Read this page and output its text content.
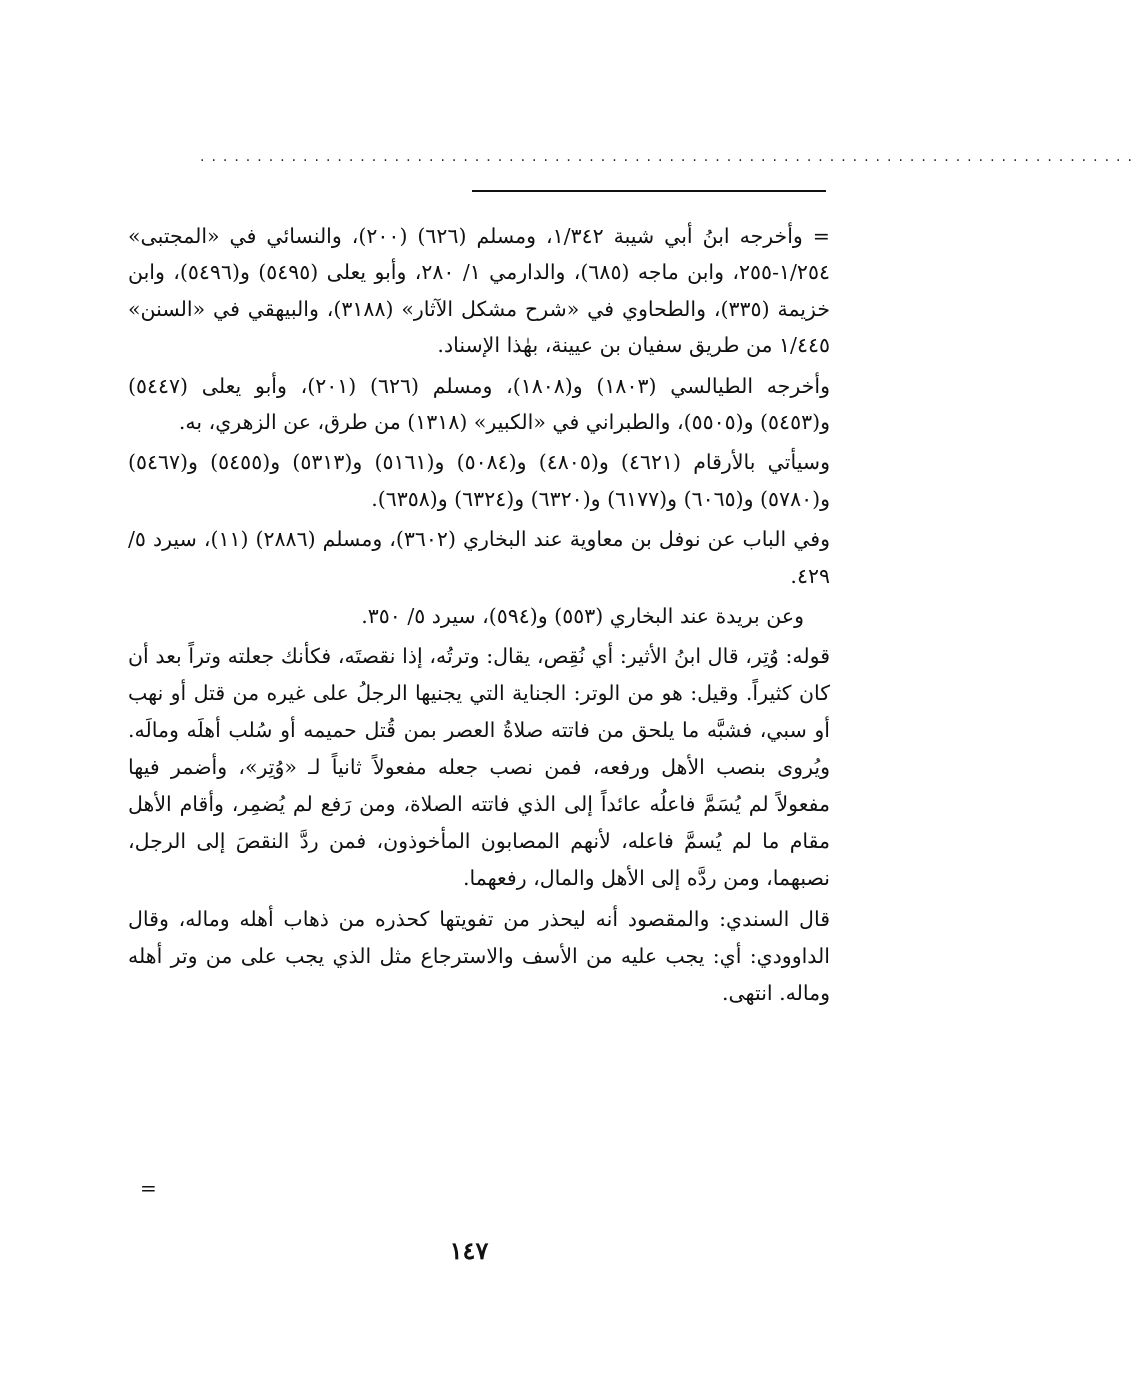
..................................................................................

= وأخرجه ابنُ أبي شيبة ١/٣٤٢، ومسلم (٦٢٦) (٢٠٠)، والنسائي في «المجتبى» ١/٢٥٤-٢٥٥، وابن ماجه (٦٨٥)، والدارمي ١/ ٢٨٠، وأبو يعلى (٥٤٩٥) و(٥٤٩٦)، وابن خزيمة (٣٣٥)، والطحاوي في «شرح مشكل الآثار» (٣١٨٨)، والبيهقي في «السنن» ١/٤٤٥ من طريق سفيان بن عيينة، بهٰذا الإسناد.

وأخرجه الطيالسي (١٨٠٣) و(١٨٠٨)، ومسلم (٦٢٦) (٢٠١)، وأبو يعلى (٥٤٤٧) و(٥٤٥٣) و(٥٥٠٥)، والطبراني في «الكبير» (١٣١٨) من طرق، عن الزهري، به.

وسيأتي بالأرقام (٤٦٢١) و(٤٨٠٥) و(٥٠٨٤) و(٥١٦١) و(٥٣١٣) و(٥٤٥٥) و(٥٤٦٧) و(٥٧٨٠) و(٦٠٦٥) و(٦١٧٧) و(٦٣٢٠) و(٦٣٢٤) و(٦٣٥٨).

وفي الباب عن نوفل بن معاوية عند البخاري (٣٦٠٢)، ومسلم (٢٨٨٦) (١١)، سيرد ٥/ ٤٢٩.

وعن بريدة عند البخاري (٥٥٣) و(٥٩٤)، سيرد ٥/ ٣٥٠.

قوله: وُتِر، قال ابنُ الأثير: أي نُقِص، يقال: وترتُه، إذا نقصتَه، فكأنك جعلته وتراً بعد أن كان كثيراً. وقيل: هو من الوتر: الجناية التي يجنيها الرجلُ على غيره من قتل أو نهب أو سبي، فشبَّه ما يلحق من فاتته صلاةُ العصر بمن قُتل حميمه أو سُلب أهلَه ومالَه. ويُروى بنصب الأهل ورفعه، فمن نصب جعله مفعولاً ثانياً لـ «وُتِر»، وأضمر فيها مفعولاً لم يُسَمَّ فاعلُه عائداً إلى الذي فاتته الصلاة، ومن رَفع لم يُضمِر، وأقام الأهل مقام ما لم يُسمَّ فاعله، لأنهم المصابون المأخوذون، فمن ردَّ النقصَ إلى الرجل، نصبهما، ومن ردَّه إلى الأهل والمال، رفعهما.

قال السندي: والمقصود أنه ليحذر من تفويتها كحذره من ذهاب أهله وماله، وقال الداوودي: أي: يجب عليه من الأسف والاسترجاع مثل الذي يجب على من وتر أهله وماله. انتهى.

=
١٤٧
